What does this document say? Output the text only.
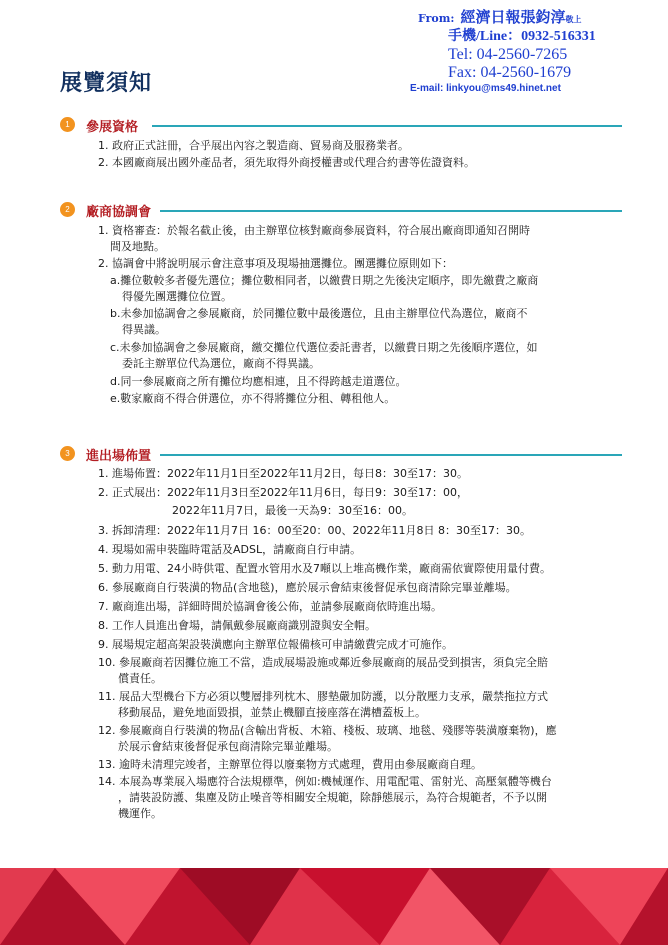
From: 經濟日報張鈞淳敬上
手機/Line：0932-516331
Tel: 04-2560-7265
Fax: 04-2560-1679
E-mail: linkyou@ms49.hinet.net
展覽須知
1	參展資格
1. 政府正式註冊，合乎展出內容之製造商、貿易商及服務業者。
2. 本國廠商展出國外產品者，須先取得外商授權書或代理合約書等佐證資料。
2	廠商協調會
1. 資格審查：於報名截止後，由主辦單位核對廠商參展資料，符合展出廠商即通知召開時
間及地點。
2. 協調會中將說明展示會注意事項及現場抽選攤位。團選攤位原則如下：
a.攤位數較多者優先選位；攤位數相同者，以繳費日期之先後決定順序，即先繳費之廠商
得優先團選攤位位置。
b.未參加協調會之參展廠商，於同攤位數中最後選位，且由主辦單位代為選位，廠商不
得異議。
c.未參加協調會之參展廠商，繳交攤位代選位委託書者，以繳費日期之先後順序選位，如
委託主辦單位代為選位，廠商不得異議。
d.同一參展廠商之所有攤位均應相連，且不得跨越走道選位。
e.數家廠商不得合併選位，亦不得將攤位分租、轉租他人。
3	進出場佈置
1. 進場佈置：2022年11月1日至2022年11月2日，每日8：30至17：30。
2. 正式展出：2022年11月3日至2022年11月6日，每日9：30至17：00，
2022年11月7日，最後一天為9：30至16：00。
3. 拆卸清理：2022年11月7日 16：00至20：00、2022年11月8日 8：30至17：30。
4. 現場如需申裝臨時電話及ADSL，請廠商自行申請。
5. 動力用電、24小時供電、配置水管用水及7噸以上堆高機作業，廠商需依實際使用量付費。
6. 參展廠商自行裝潢的物品(含地毯)，應於展示會結束後督促承包商清除完畢並離場。
7. 廠商進出場，詳細時間於協調會後公佈，並請參展廠商依時進出場。
8. 工作人員進出會場，請佩戴參展廠商識別證與安全帽。
9. 展場規定超高架設裝潢應向主辦單位報備核可申請繳費完成才可施作。
10. 參展廠商若因攤位施工不當，造成展場設施或鄰近參展廠商的展品受到損害，須負完全賠
償責任。
11. 展品大型機台下方必須以雙層排列枕木、膠墊嚴加防護，以分散壓力支承，嚴禁拖拉方式
移動展品，避免地面毀損，並禁止機腳直接座落在溝槽蓋板上。
12. 參展廠商自行裝潢的物品(含輸出背板、木箱、棧板、玻璃、地毯、殘膠等裝潢廢棄物)，應
於展示會結束後督促承包商清除完畢並離場。
13. 逾時未清理完竣者，主辦單位得以廢棄物方式處理，費用由參展廠商自理。
14. 本展為專業展入場應符合法規標準，例如:機械運作、用電配電、雷射光、高壓氣體等機台
，請裝設防護、集塵及防止噪音等相關安全規範，除靜態展示，為符合規範者，不予以開
機運作。
